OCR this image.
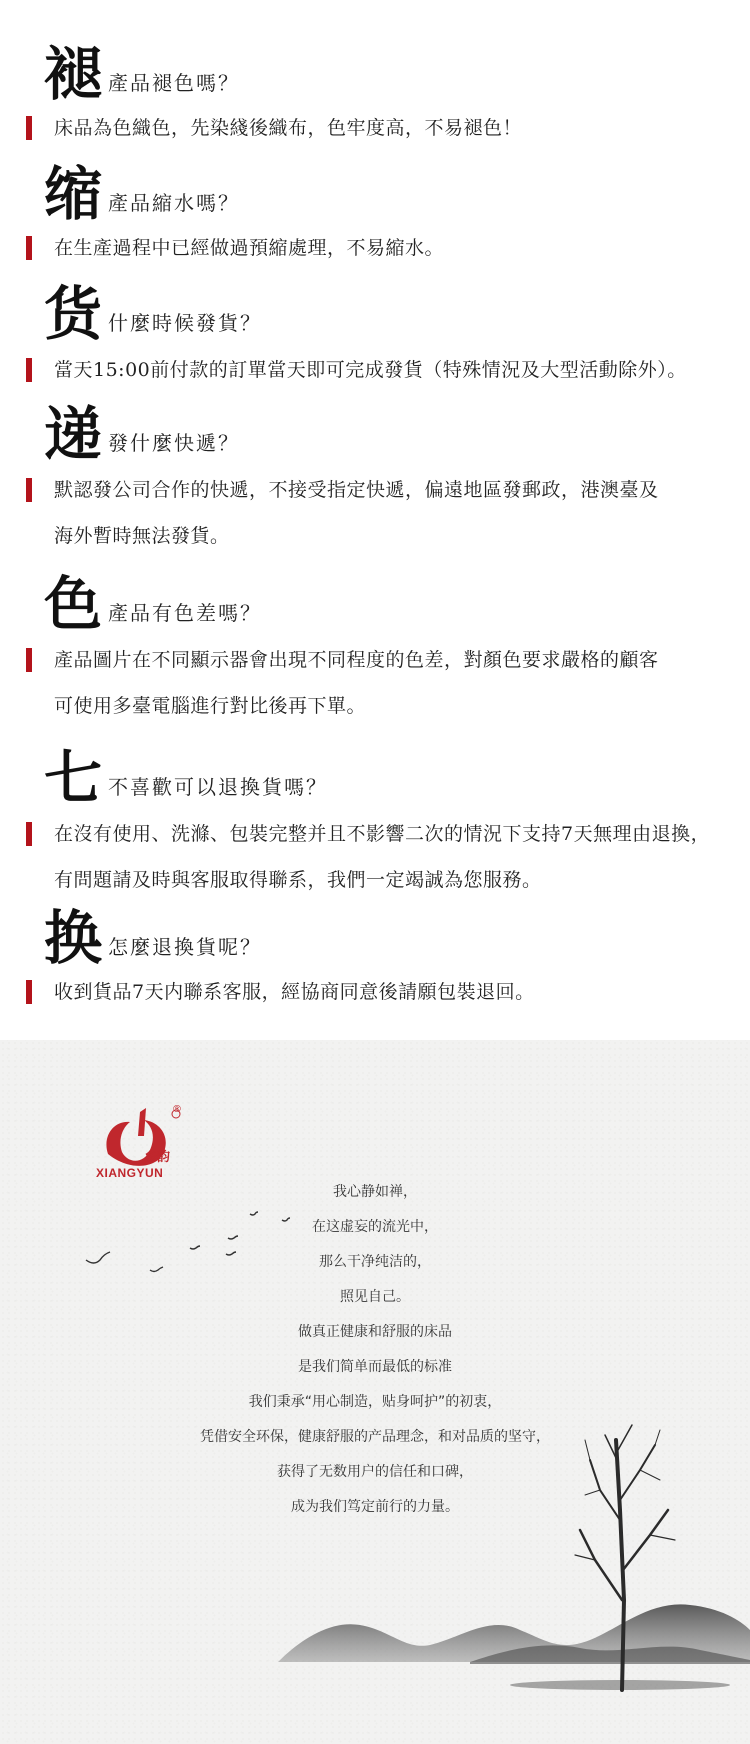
褪 產品褪色嗎？
床品為色織色，先染綫後織布，色牢度高，不易褪色！
缩 產品縮水嗎？
在生產過程中已經做過預縮處理，不易縮水。
货 什麼時候發貨？
當天15:00前付款的訂單當天即可完成發貨（特殊情況及大型活動除外）。
递 發什麼快遞？
默認發公司合作的快遞，不接受指定快遞，偏遠地區發郵政，港澳臺及
海外暫時無法發貨。
色 產品有色差嗎？
產品圖片在不同顯示器會出現不同程度的色差，對顏色要求嚴格的顧客
可使用多臺電腦進行對比後再下單。
七 不喜歡可以退換貨嗎？
在沒有使用、洗滌、包裝完整并且不影響二次的情況下支持7天無理由退換，
有問題請及時與客服取得聯系，我們一定竭誠為您服務。
换 怎麼退換貨呢？
收到貨品7天内聯系客服，經協商同意後請願包裝退回。
乡韵
®
XIANGYUN
我心静如禅，
在这虚妄的流光中，
那么干净纯洁的，
照见自己。
做真正健康和舒服的床品
是我们简单而最低的标准
我们秉承“用心制造，贴身呵护”的初衷，
凭借安全环保，健康舒服的产品理念，和对品质的坚守，
获得了无数用户的信任和口碑，
成为我们笃定前行的力量。
